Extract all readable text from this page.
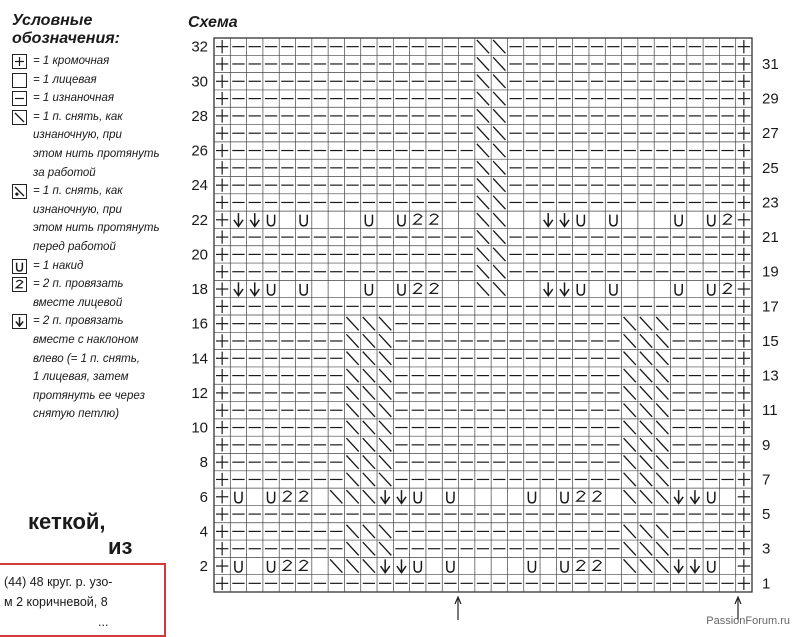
Условные
обозначения:
= 1 кромочная
= 1 лицевая
= 1 изнаночная
= 1 п. снять, как
изнаночную, при
этом нить протянуть
за работой
= 1 п. снять, как
изнаночную, при
этом нить протянуть
перед работой
= 1 накид
= 2 п. провязать
вместе лицевой
= 2 п. провязать
вместе с наклоном
влево (= 1 п. снять,
1 лицевая, затем
протянуть ее через
снятую петлю)
Схема
2
4
6
8
10
12
14
16
18
20
22
24
26
28
30
32
1
3
5
7
9
11
13
15
17
19
21
23
25
27
29
31
кеткой,
из
(44) 48 круг. р. узо-
м 2 коричневой, 8
...	PassionForum.ru
